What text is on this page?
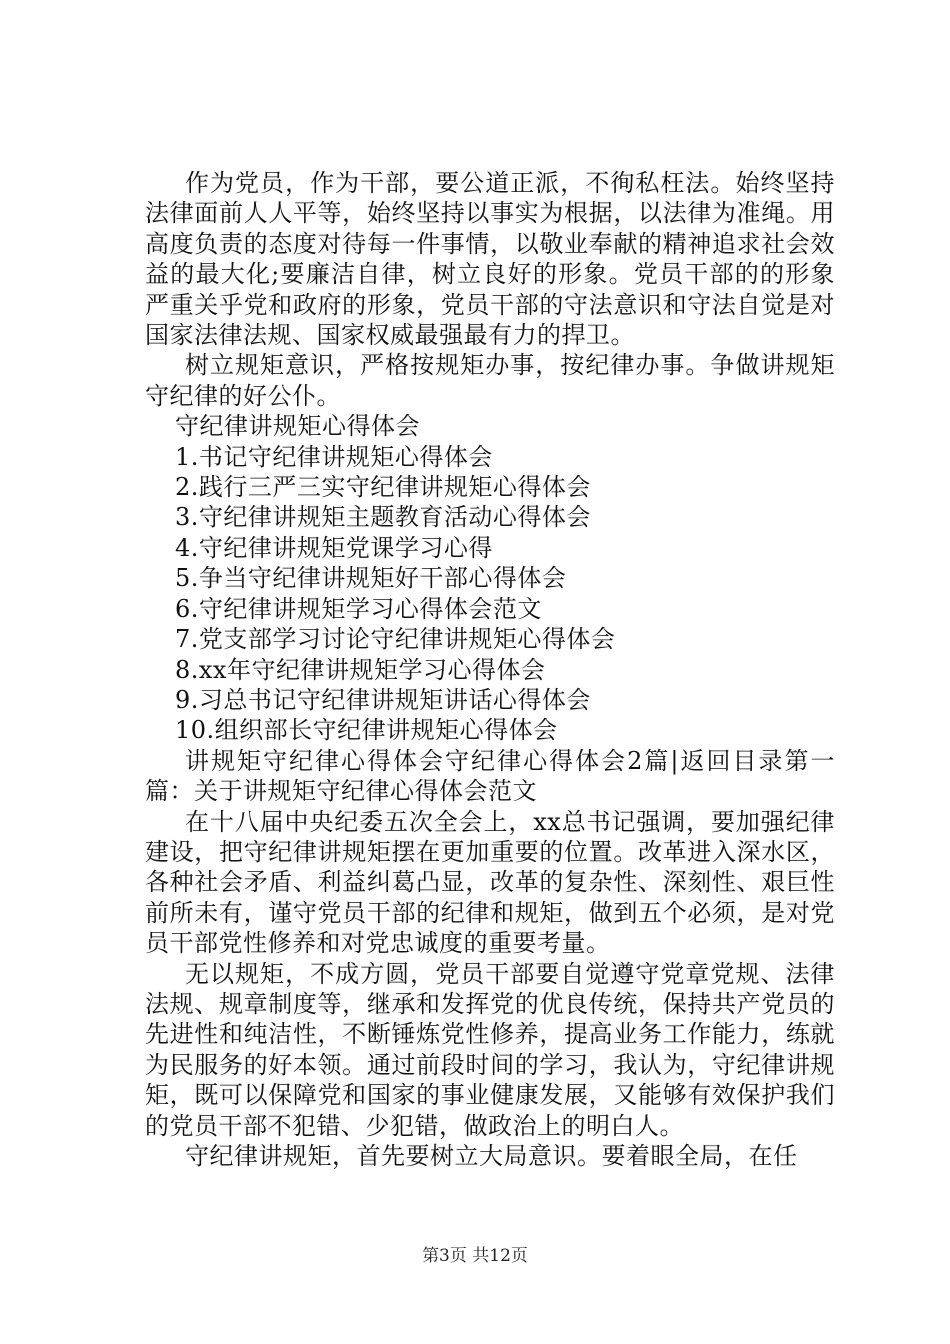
作为党员，作为干部，要公道正派，不徇私枉法。始终坚持法律面前人人平等，始终坚持以事实为根据，以法律为准绳。用高度负责的态度对待每一件事情，以敬业奉献的精神追求社会效益的最大化;要廉洁自律，树立良好的形象。党员干部的的形象严重关乎党和政府的形象，党员干部的守法意识和守法自觉是对国家法律法规、国家权威最强最有力的捍卫。

树立规矩意识，严格按规矩办事，按纪律办事。争做讲规矩守纪律的好公仆。

守纪律讲规矩心得体会
1.书记守纪律讲规矩心得体会
2.践行三严三实守纪律讲规矩心得体会
3.守纪律讲规矩主题教育活动心得体会
4.守纪律讲规矩党课学习心得
5.争当守纪律讲规矩好干部心得体会
6.守纪律讲规矩学习心得体会范文
7.党支部学习讨论守纪律讲规矩心得体会
8.xx年守纪律讲规矩学习心得体会
9.习总书记守纪律讲规矩讲话心得体会
10.组织部长守纪律讲规矩心得体会

讲规矩守纪律心得体会守纪律心得体会2篇|返回目录第一篇：关于讲规矩守纪律心得体会范文

在十八届中央纪委五次全会上，xx总书记强调，要加强纪律建设，把守纪律讲规矩摆在更加重要的位置。改革进入深水区，各种社会矛盾、利益纠葛凸显，改革的复杂性、深刻性、艰巨性前所未有，谨守党员干部的纪律和规矩，做到五个必须，是对党员干部党性修养和对党忠诚度的重要考量。

无以规矩，不成方圆，党员干部要自觉遵守党章党规、法律法规、规章制度等，继承和发挥党的优良传统，保持共产党员的先进性和纯洁性，不断锤炼党性修养，提高业务工作能力，练就为民服务的好本领。通过前段时间的学习，我认为，守纪律讲规矩，既可以保障党和国家的事业健康发展，又能够有效保护我们的党员干部不犯错、少犯错，做政治上的明白人。

守纪律讲规矩，首先要树立大局意识。要着眼全局，在任

第3页 共12页
